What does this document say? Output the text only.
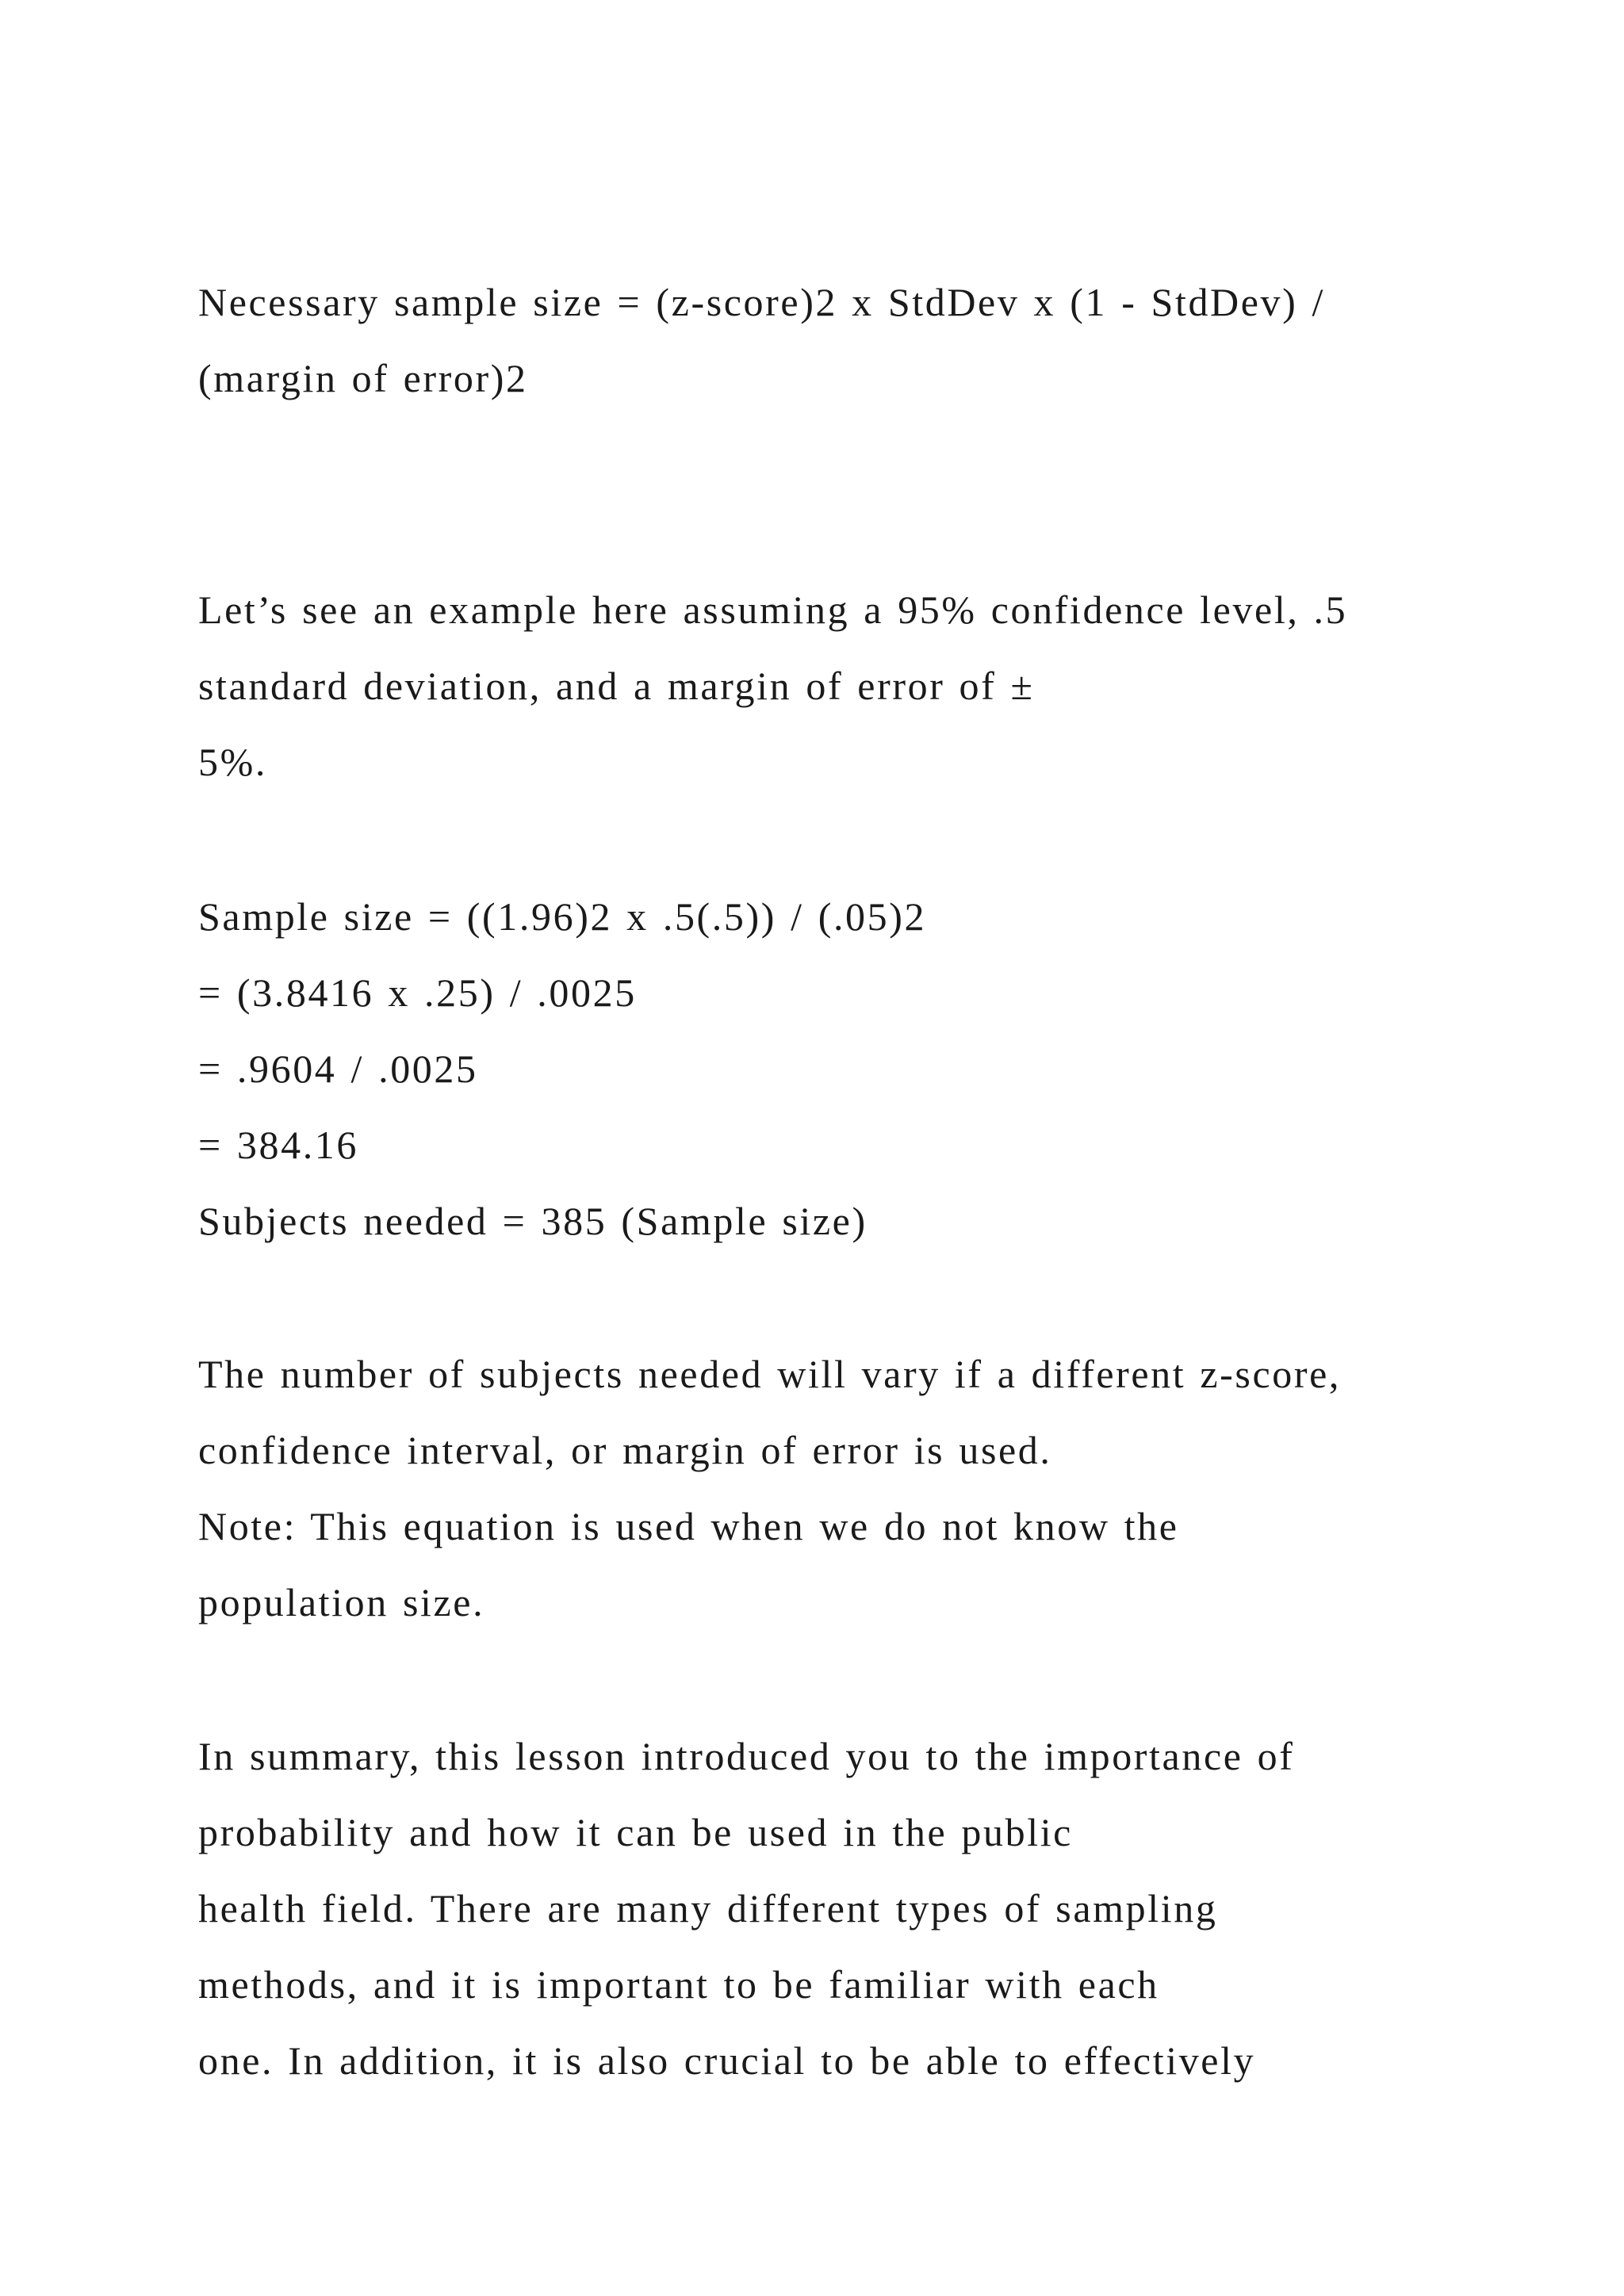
Necessary sample size = (z-score)2 x StdDev x (1 - StdDev) /
(margin of error)2
Let’s see an example here assuming a 95% confidence level, .5
standard deviation, and a margin of error of ±
5%.
Sample size = ((1.96)2 x .5(.5)) / (.05)2
= (3.8416 x .25) / .0025
= .9604 / .0025
= 384.16
Subjects needed = 385 (Sample size)
The number of subjects needed will vary if a different z-score,
confidence interval, or margin of error is used.
Note: This equation is used when we do not know the
population size.
In summary, this lesson introduced you to the importance of
probability and how it can be used in the public
health field. There are many different types of sampling
methods, and it is important to be familiar with each
one. In addition, it is also crucial to be able to effectively
